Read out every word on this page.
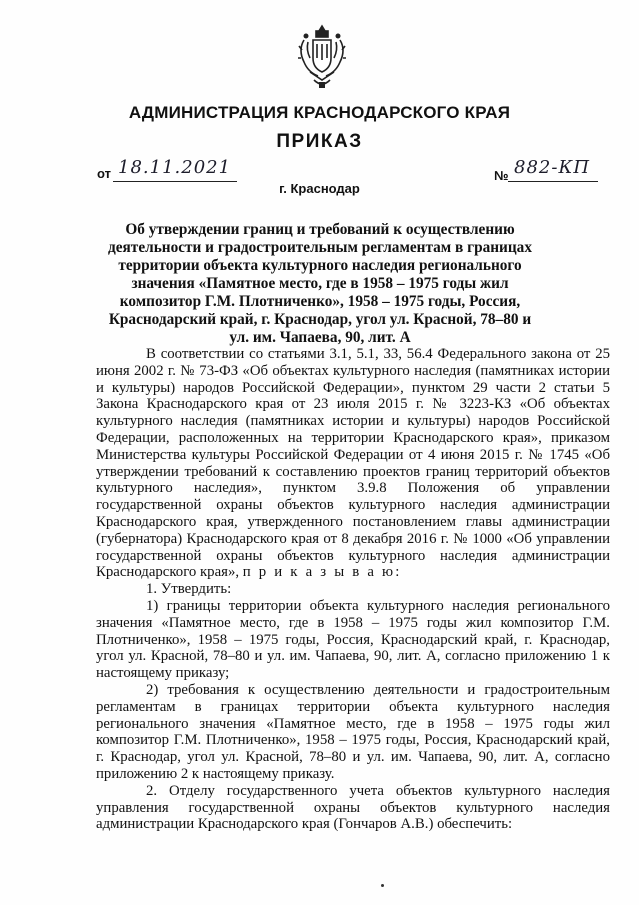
АДМИНИСТРАЦИЯ КРАСНОДАРСКОГО КРАЯ
ПРИКАЗ
от 18.11.2021
г. Краснодар
№ 882-КП
Об утверждении границ и требований к осуществлению деятельности и градостроительным регламентам в границах территории объекта культурного наследия регионального значения «Памятное место, где в 1958 – 1975 годы жил композитор Г.М. Плотниченко», 1958 – 1975 годы, Россия, Краснодарский край, г. Краснодар, угол ул. Красной, 78–80 и ул. им. Чапаева, 90, лит. А

В соответствии со статьями 3.1, 5.1, 33, 56.4 Федерального закона от 25 июня 2002 г. № 73-ФЗ «Об объектах культурного наследия (памятниках истории и культуры) народов Российской Федерации», пунктом 29 части 2 статьи 5 Закона Краснодарского края от 23 июля 2015 г. № 3223-КЗ «Об объектах культурного наследия (памятниках истории и культуры) народов Российской Федерации, расположенных на территории Краснодарского края», приказом Министерства культуры Российской Федерации от 4 июня 2015 г. № 1745 «Об утверждении требований к составлению проектов границ территорий объектов культурного наследия», пунктом 3.9.8 Положения об управлении государственной охраны объектов культурного наследия администрации Краснодарского края, утвержденного постановлением главы администрации (губернатора) Краснодарского края от 8 декабря 2016 г. № 1000 «Об управлении государственной охраны объектов культурного наследия администрации Краснодарского края», п р и к а з ы в а ю:

1. Утвердить:

1) границы территории объекта культурного наследия регионального значения «Памятное место, где в 1958 – 1975 годы жил композитор Г.М. Плотниченко», 1958 – 1975 годы, Россия, Краснодарский край, г. Краснодар, угол ул. Красной, 78–80 и ул. им. Чапаева, 90, лит. А, согласно приложению 1 к настоящему приказу;

2) требования к осуществлению деятельности и градостроительным регламентам в границах территории объекта культурного наследия регионального значения «Памятное место, где в 1958 – 1975 годы жил композитор Г.М. Плотниченко», 1958 – 1975 годы, Россия, Краснодарский край, г. Краснодар, угол ул. Красной, 78–80 и ул. им. Чапаева, 90, лит. А, согласно приложению 2 к настоящему приказу.

2. Отделу государственного учета объектов культурного наследия управления государственной охраны объектов культурного наследия администрации Краснодарского края (Гончаров А.В.) обеспечить:
